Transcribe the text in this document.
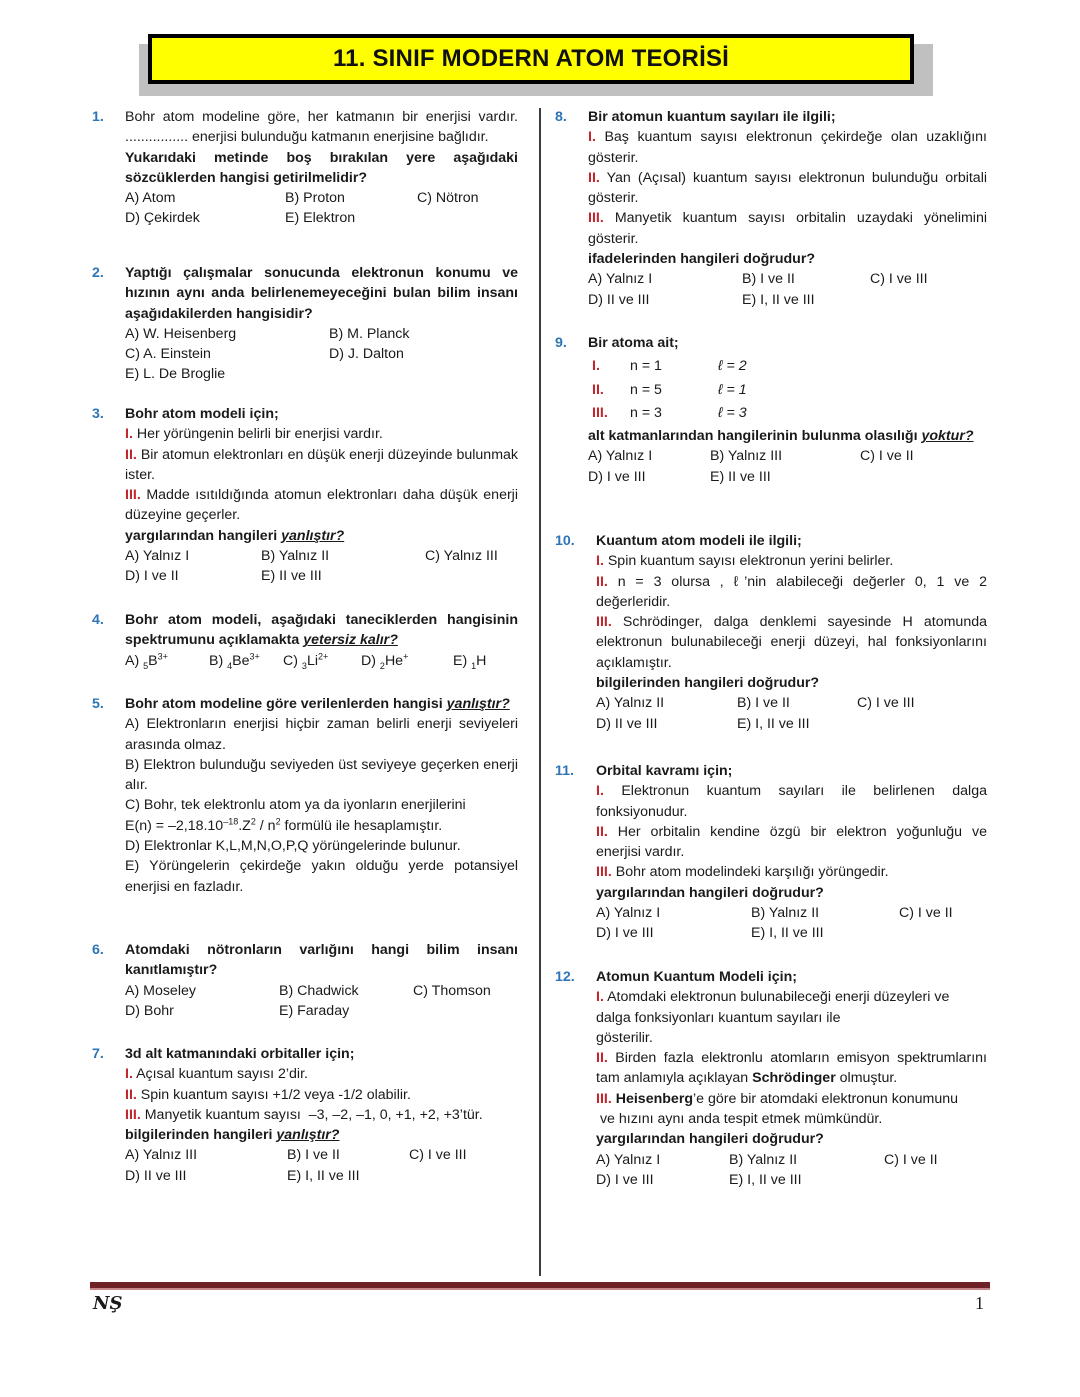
11. SINIF MODERN ATOM TEORİSİ
1. Bohr atom modeline göre, her katmanın bir enerjisi vardır. ................ enerjisi bulunduğu katmanın enerjisine bağlıdır.
Yukarıdaki metinde boş bırakılan yere aşağıdaki sözcüklerden hangisi getirilmelidir?
A) Atom	B) Proton	C) Nötron
D) Çekirdek	E) Elektron
2. Yaptığı çalışmalar sonucunda elektronun konumu ve hızının aynı anda belirlenemeyeceğini bulan bilim insanı aşağıdakilerden hangisidir?
A) W. Heisenberg	B) M. Planck
C) A. Einstein	D) J. Dalton
E) L. De Broglie
3. Bohr atom modeli için;
I. Her yörüngenin belirli bir enerjisi vardır.
II. Bir atomun elektronları en düşük enerji düzeyinde bulunmak ister.
III. Madde ısıtıldığında atomun elektronları daha düşük enerji düzeyine geçerler.
yargılarından hangileri yanlıştır?
A) Yalnız I	B) Yalnız II	C) Yalnız III
D) I ve II	E) II ve III
4. Bohr atom modeli, aşağıdaki taneciklerden hangisinin spektrumunu açıklamakta yetersiz kalır?
A) $_5B^{3+}$	B) $_4Be^{3+}$	C) $_3Li^{2+}$	D) $_2$He+	E) $_1$H
5. Bohr atom modeline göre verilenlerden hangisi yanlıştır?
A) Elektronların enerjisi hiçbir zaman belirli enerji seviyeleri arasında olmaz.
B) Elektron bulunduğu seviyeden üst seviyeye geçerken enerji alır.
C) Bohr, tek elektronlu atom ya da iyonların enerjilerini
$E(n) = -2,18.10^{-18}.Z^2 / n^2$ formülü ile hesaplamıştır.
D) Elektronlar K,L,M,N,O,P,Q yörüngelerinde bulunur.
E) Yörüngelerin çekirdeğe yakın olduğu yerde potansiyel enerjisi en fazladır.
6. Atomdaki nötronların varlığını hangi bilim insanı kanıtlamıştır?
A) Moseley	B) Chadwick	C) Thomson
D) Bohr	E) Faraday
7. 3d alt katmanındaki orbitaller için;
I. Açısal kuantum sayısı 2’dir.
II. Spin kuantum sayısı +1/2 veya -1/2 olabilir.
III. Manyetik kuantum sayısı  –3, –2, –1, 0, +1, +2, +3’tür.
bilgilerinden hangileri yanlıştır?
A) Yalnız III	B) I ve II	C) I ve III
D) II ve III	E) I, II ve III
8. Bir atomun kuantum sayıları ile ilgili;
I. Baş kuantum sayısı elektronun çekirdeğe olan uzaklığını gösterir.
II. Yan (Açısal) kuantum sayısı elektronun bulunduğu orbitali gösterir.
III. Manyetik kuantum sayısı orbitalin uzaydaki yönelimini gösterir.
ifadelerinden hangileri doğrudur?
A) Yalnız I	B) I ve II	C) I ve III
D) II ve III	E) I, II ve III
9. Bir atoma ait;
I.	n = 1	ℓ = 2
II.	n = 5	ℓ = 1
III.	n = 3	ℓ = 3
alt katmanlarından hangilerinin bulunma olasılığı yoktur?
A) Yalnız I	B) Yalnız III	C) I ve II
D) I ve III	E) II ve III
10. Kuantum atom modeli ile ilgili;
I. Spin kuantum sayısı elektronun yerini belirler.
II. n = 3 olursa , ℓ’nin alabileceği değerler 0, 1 ve 2 değerleridir.
III. Schrödinger, dalga denklemi sayesinde H atomunda elektronun bulunabileceği enerji düzeyi, hal fonksiyonlarını açıklamıştır.
bilgilerinden hangileri doğrudur?
A) Yalnız II	B) I ve II	C) I ve III
D) II ve III	E) I, II ve III
11. Orbital kavramı için;
I. Elektronun kuantum sayıları ile belirlenen dalga fonksiyonudur.
II. Her orbitalin kendine özgü bir elektron yoğunluğu ve enerjisi vardır.
III. Bohr atom modelindeki karşılığı yörüngedir.
yargılarından hangileri doğrudur?
A) Yalnız I	B) Yalnız II	C) I ve II
D) I ve III	E) I, II ve III
12. Atomun Kuantum Modeli için;
I. Atomdaki elektronun bulunabileceği enerji düzeyleri ve dalga fonksiyonları kuantum sayıları ile
gösterilir.
II. Birden fazla elektronlu atomların emisyon spektrumlarını tam anlamıyla açıklayan Schrödinger olmuştur.
III. Heisenberg’e göre bir atomdaki elektronun konumunu
ve hızını aynı anda tespit etmek mümkündür.
yargılarından hangileri doğrudur?
A) Yalnız I	B) Yalnız II	C) I ve II
D) I ve III	E) I, II ve III
NŞ	1
